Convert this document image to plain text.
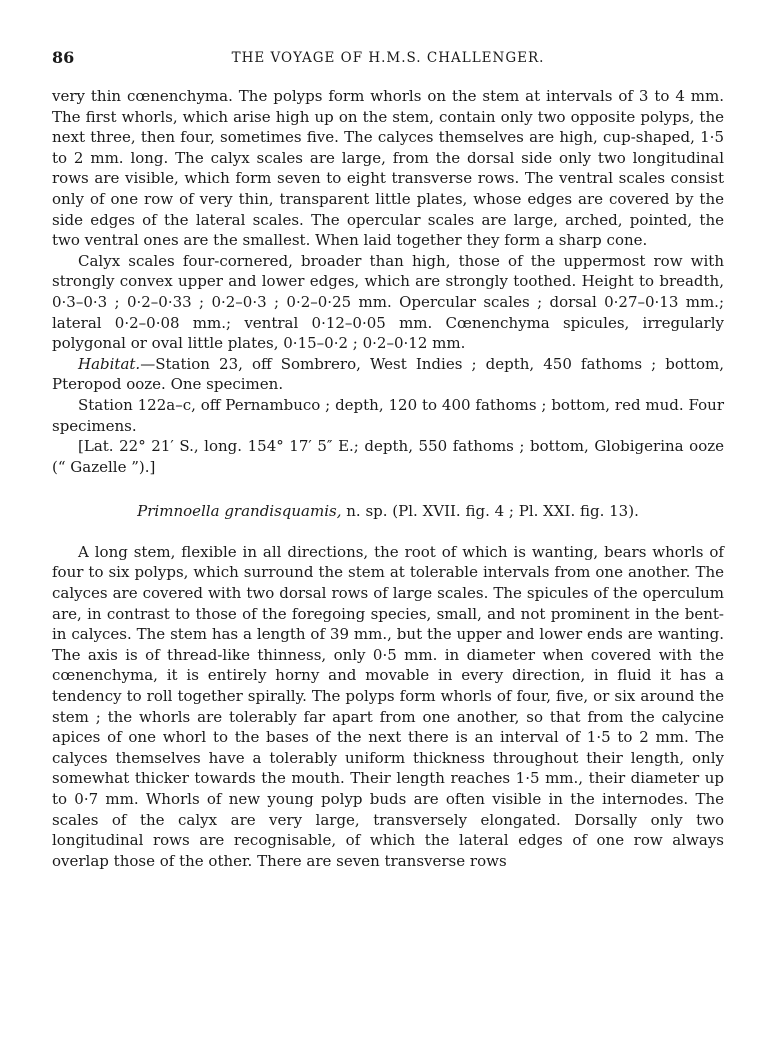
86	THE VOYAGE OF H.M.S. CHALLENGER.

very thin cœnenchyma. The polyps form whorls on the stem at intervals of 3 to 4 mm. The first whorls, which arise high up on the stem, contain only two opposite polyps, the next three, then four, sometimes five. The calyces themselves are high, cup-shaped, 1·5 to 2 mm. long. The calyx scales are large, from the dorsal side only two longitudinal rows are visible, which form seven to eight transverse rows. The ventral scales consist only of one row of very thin, transparent little plates, whose edges are covered by the side edges of the lateral scales. The opercular scales are large, arched, pointed, the two ventral ones are the smallest. When laid together they form a sharp cone.

Calyx scales four-cornered, broader than high, those of the uppermost row with strongly convex upper and lower edges, which are strongly toothed. Height to breadth, 0·3–0·3 ; 0·2–0·33 ; 0·2–0·3 ; 0·2–0·25 mm. Opercular scales ; dorsal 0·27–0·13 mm.; lateral 0·2–0·08 mm.; ventral 0·12–0·05 mm. Cœnenchyma spicules, irregularly polygonal or oval little plates, 0·15–0·2 ; 0·2–0·12 mm.

Habitat.—Station 23, off Sombrero, West Indies ; depth, 450 fathoms ; bottom, Pteropod ooze. One specimen.

Station 122a–c, off Pernambuco ; depth, 120 to 400 fathoms ; bottom, red mud. Four specimens.

[Lat. 22° 21′ S., long. 154° 17′ 5″ E.; depth, 550 fathoms ; bottom, Globigerina ooze (“ Gazelle ”).]

Primnoella grandisquamis, n. sp. (Pl. XVII. fig. 4 ; Pl. XXI. fig. 13).

A long stem, flexible in all directions, the root of which is wanting, bears whorls of four to six polyps, which surround the stem at tolerable intervals from one another. The calyces are covered with two dorsal rows of large scales. The spicules of the operculum are, in contrast to those of the foregoing species, small, and not prominent in the bent-in calyces. The stem has a length of 39 mm., but the upper and lower ends are wanting. The axis is of thread-like thinness, only 0·5 mm. in diameter when covered with the cœnenchyma, it is entirely horny and movable in every direction, in fluid it has a tendency to roll together spirally. The polyps form whorls of four, five, or six around the stem ; the whorls are tolerably far apart from one another, so that from the calycine apices of one whorl to the bases of the next there is an interval of 1·5 to 2 mm. The calyces themselves have a tolerably uniform thickness throughout their length, only somewhat thicker towards the mouth. Their length reaches 1·5 mm., their diameter up to 0·7 mm. Whorls of new young polyp buds are often visible in the internodes. The scales of the calyx are very large, transversely elongated. Dorsally only two longitudinal rows are recognisable, of which the lateral edges of one row always overlap those of the other. There are seven transverse rows
